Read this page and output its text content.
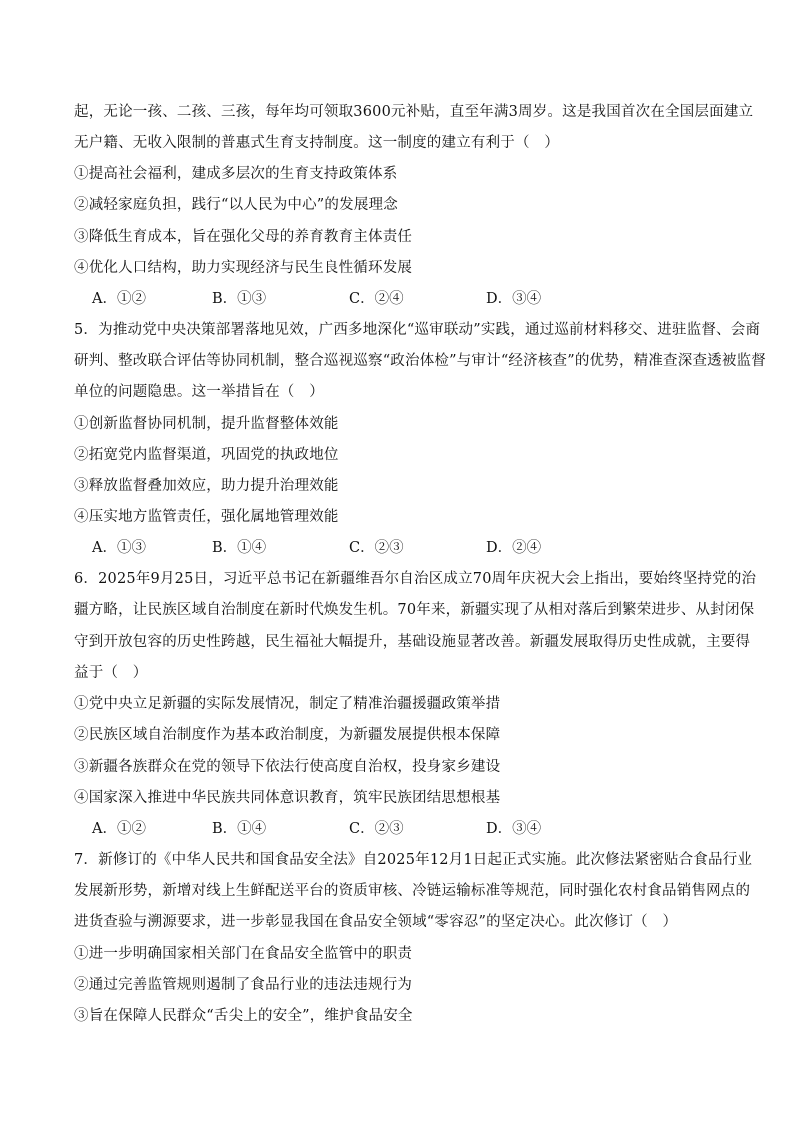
起，无论一孩、二孩、三孩，每年均可领取3600元补贴，直至年满3周岁。这是我国首次在全国层面建立
无户籍、无收入限制的普惠式生育支持制度。这一制度的建立有利于（　）
①提高社会福利，建成多层次的生育支持政策体系
②减轻家庭负担，践行“以人民为中心”的发展理念
③降低生育成本，旨在强化父母的养育教育主体责任
④优化人口结构，助力实现经济与民生良性循环发展
A．①②	B．①③	C．②④	D．③④
5．为推动党中央决策部署落地见效，广西多地深化“巡审联动”实践，通过巡前材料移交、进驻监督、会商
研判、整改联合评估等协同机制，整合巡视巡察“政治体检”与审计“经济核查”的优势，精准查深查透被监督
单位的问题隐患。这一举措旨在（　）
①创新监督协同机制，提升监督整体效能
②拓宽党内监督渠道，巩固党的执政地位
③释放监督叠加效应，助力提升治理效能
④压实地方监管责任，强化属地管理效能
A．①③	B．①④	C．②③	D．②④
6．2025年9月25日，习近平总书记在新疆维吾尔自治区成立70周年庆祝大会上指出，要始终坚持党的治
疆方略，让民族区域自治制度在新时代焕发生机。70年来，新疆实现了从相对落后到繁荣进步、从封闭保
守到开放包容的历史性跨越，民生福祉大幅提升，基础设施显著改善。新疆发展取得历史性成就，主要得
益于（　）
①党中央立足新疆的实际发展情况，制定了精准治疆援疆政策举措
②民族区域自治制度作为基本政治制度，为新疆发展提供根本保障
③新疆各族群众在党的领导下依法行使高度自治权，投身家乡建设
④国家深入推进中华民族共同体意识教育，筑牢民族团结思想根基
A．①②	B．①④	C．②③	D．③④
7．新修订的《中华人民共和国食品安全法》自2025年12月1日起正式实施。此次修法紧密贴合食品行业
发展新形势，新增对线上生鲜配送平台的资质审核、冷链运输标准等规范，同时强化农村食品销售网点的
进货查验与溯源要求，进一步彰显我国在食品安全领域“零容忍”的坚定决心。此次修订（　）
①进一步明确国家相关部门在食品安全监管中的职责
②通过完善监管规则遏制了食品行业的违法违规行为
③旨在保障人民群众“舌尖上的安全”，维护食品安全
